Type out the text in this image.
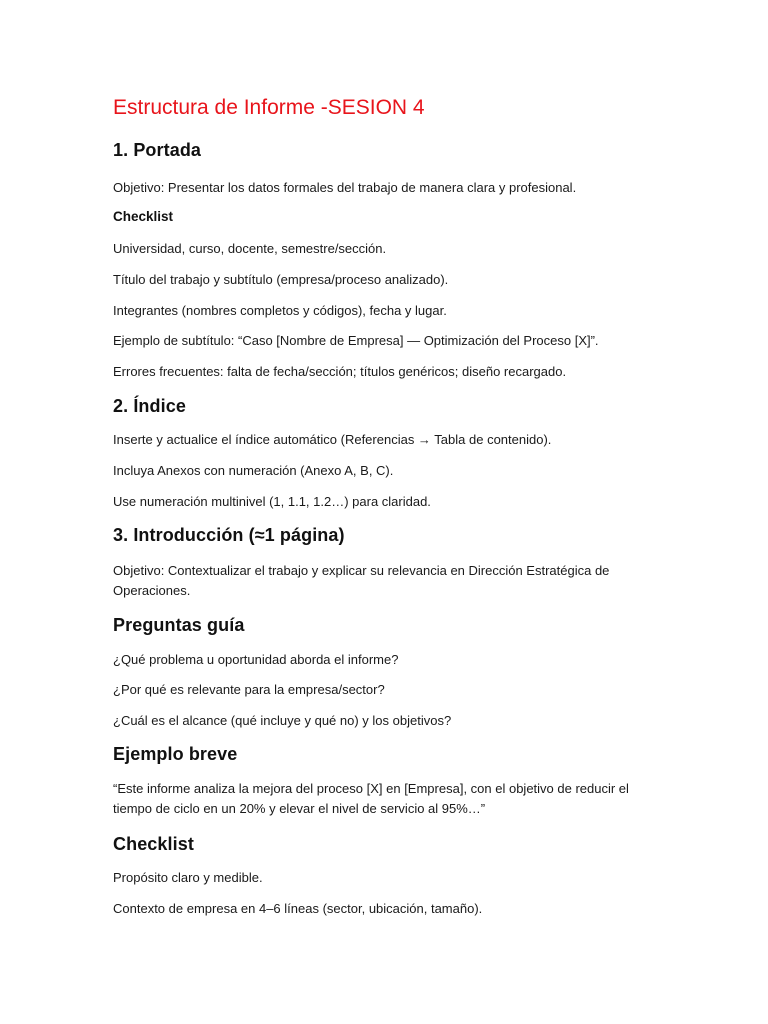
Estructura de Informe -SESION 4
1. Portada

Objetivo: Presentar los datos formales del trabajo de manera clara y profesional.

Checklist

Universidad, curso, docente, semestre/sección.

Título del trabajo y subtítulo (empresa/proceso analizado).

Integrantes (nombres completos y códigos), fecha y lugar.

Ejemplo de subtítulo: “Caso [Nombre de Empresa] — Optimización del Proceso [X]”.

Errores frecuentes: falta de fecha/sección; títulos genéricos; diseño recargado.

2. Índice

Inserte y actualice el índice automático (Referencias → Tabla de contenido).

Incluya Anexos con numeración (Anexo A, B, C).

Use numeración multinivel (1, 1.1, 1.2…) para claridad.

3. Introducción (≈1 página)

Objetivo: Contextualizar el trabajo y explicar su relevancia en Dirección Estratégica de Operaciones.

Preguntas guía

¿Qué problema u oportunidad aborda el informe?

¿Por qué es relevante para la empresa/sector?

¿Cuál es el alcance (qué incluye y qué no) y los objetivos?

Ejemplo breve

“Este informe analiza la mejora del proceso [X] en [Empresa], con el objetivo de reducir el tiempo de ciclo en un 20% y elevar el nivel de servicio al 95%…”

Checklist

Propósito claro y medible.

Contexto de empresa en 4–6 líneas (sector, ubicación, tamaño).
